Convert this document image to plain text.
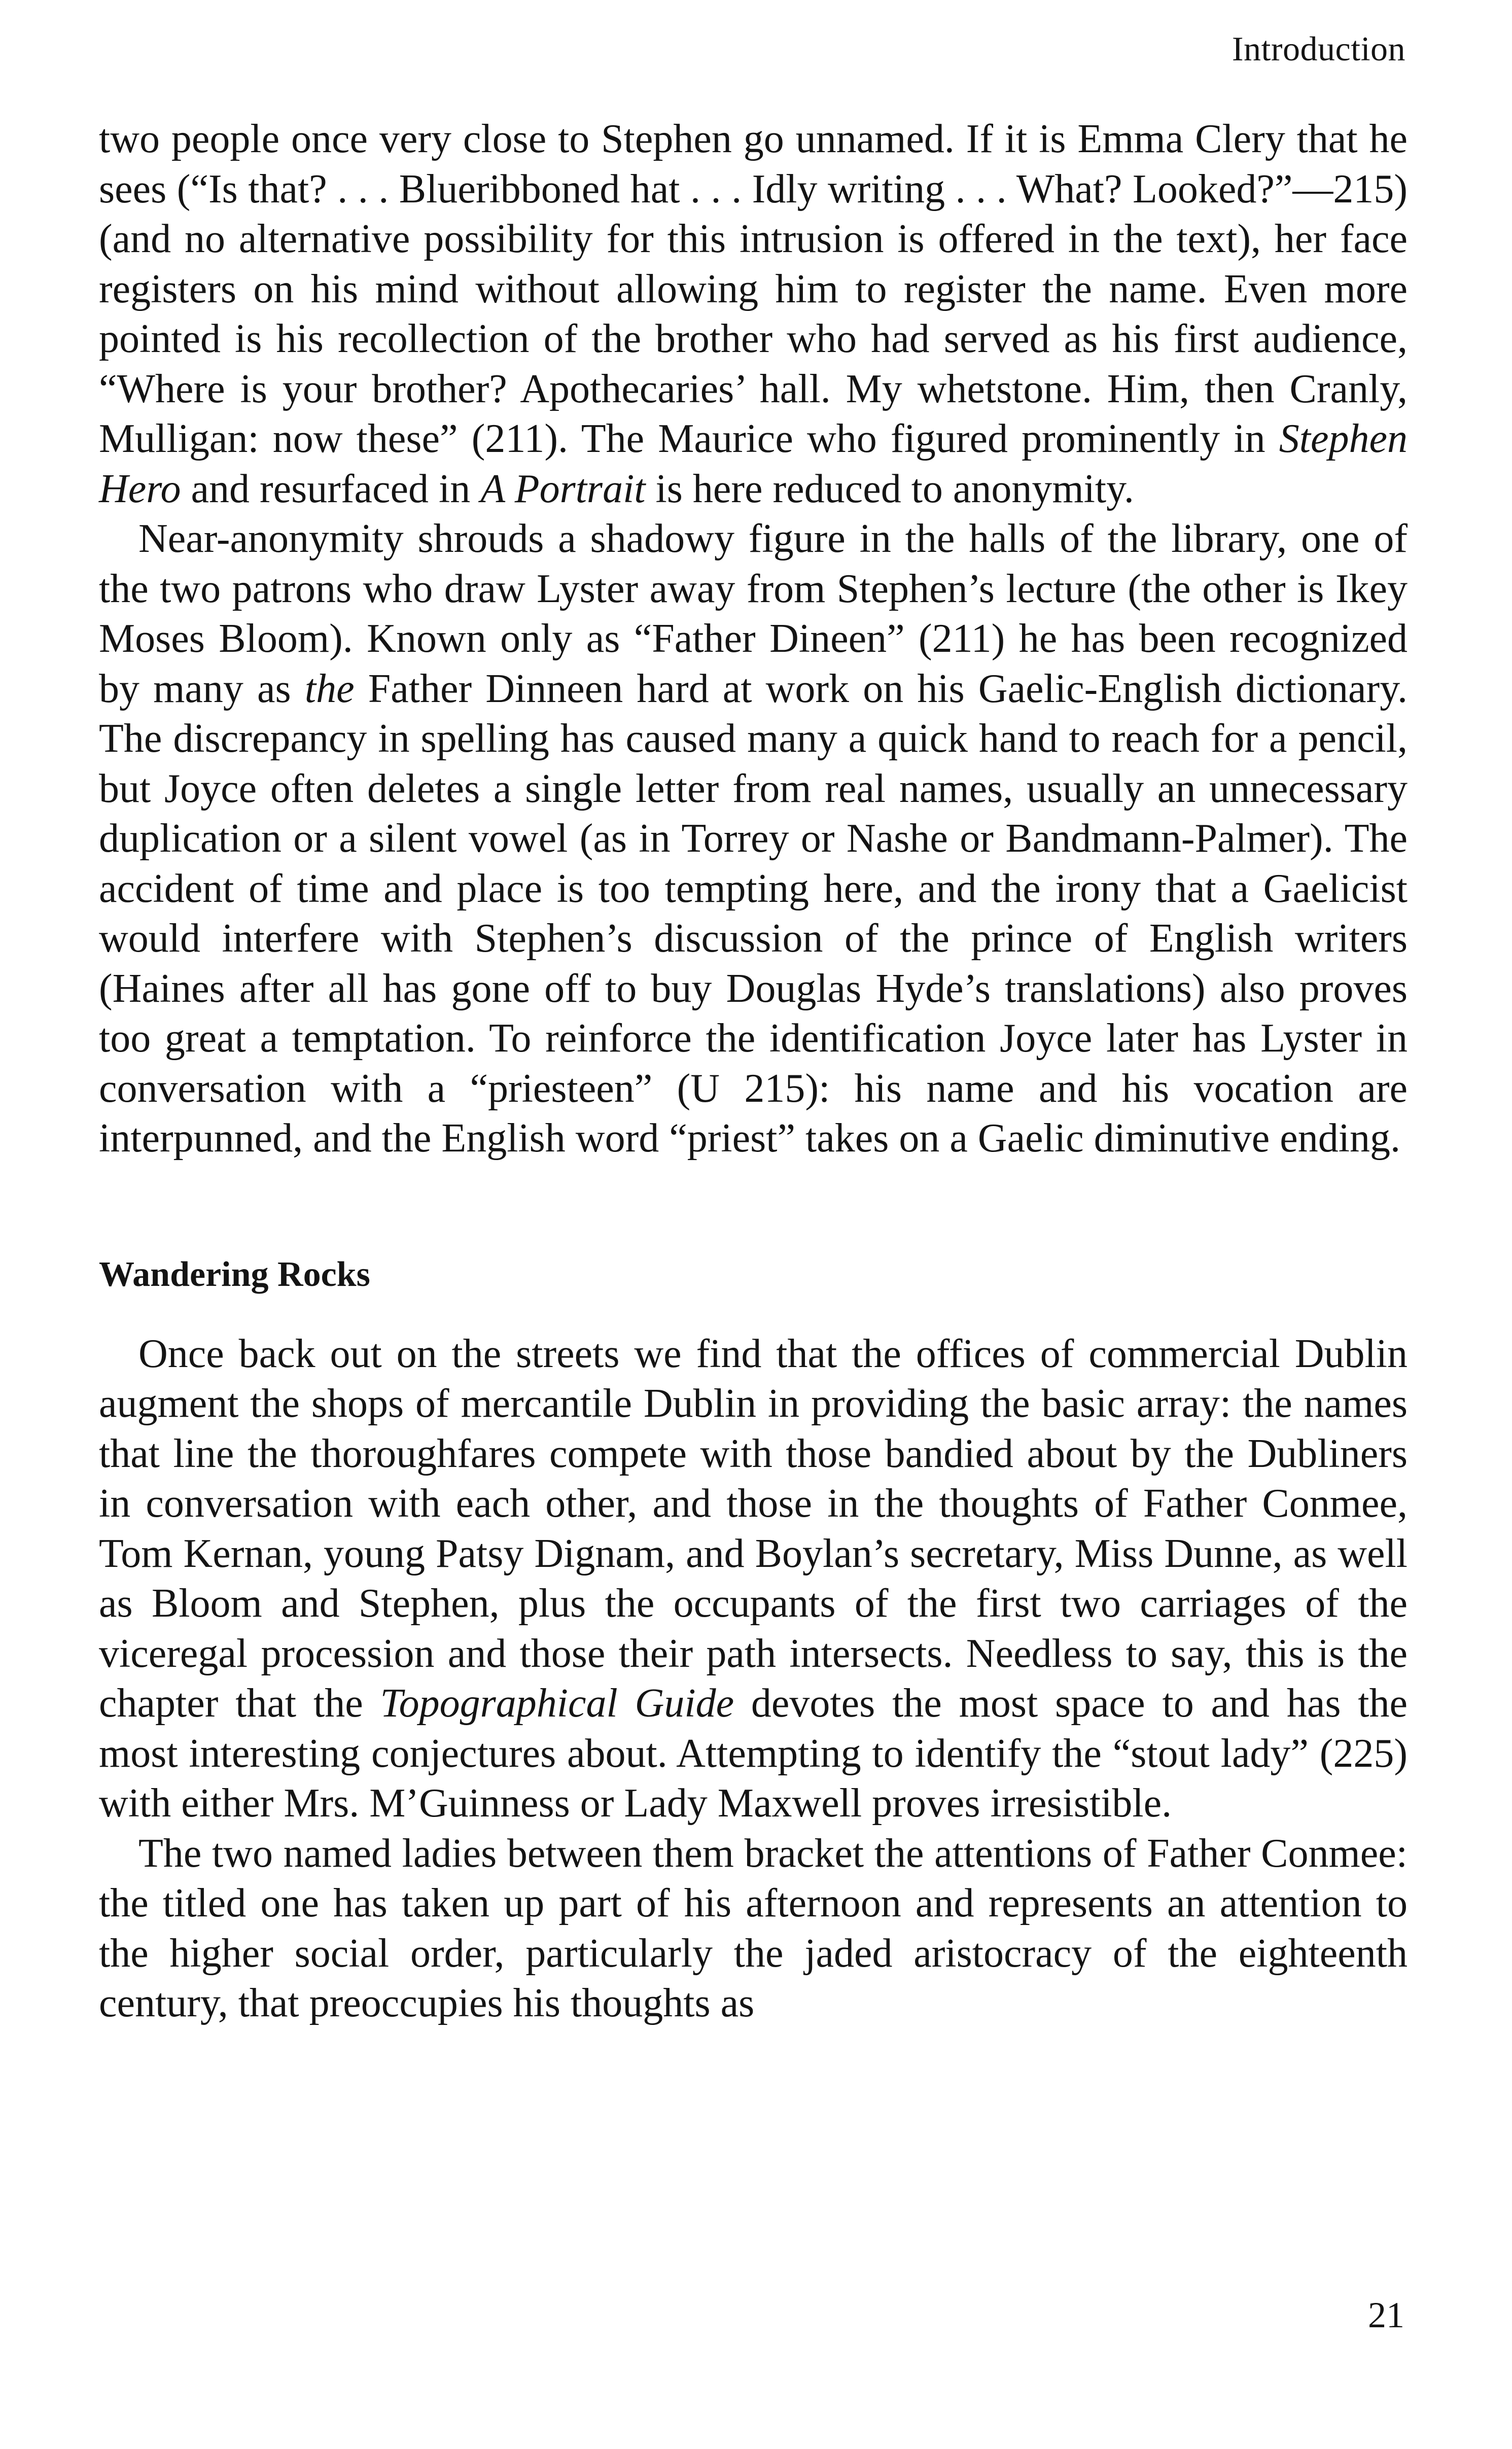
Introduction

two people once very close to Stephen go unnamed. If it is Emma Clery that he sees (“Is that? . . . Blueribboned hat . . . Idly writing . . . What? Looked?”—215) (and no alternative possibility for this intrusion is offered in the text), her face registers on his mind without allowing him to register the name. Even more pointed is his recollection of the brother who had served as his first audience, “Where is your brother? Apothecaries’ hall. My whetstone. Him, then Cranly, Mulligan: now these” (211). The Maurice who figured prominently in Stephen Hero and resurfaced in A Portrait is here reduced to anonymity.

Near-anonymity shrouds a shadowy figure in the halls of the library, one of the two patrons who draw Lyster away from Stephen’s lecture (the other is Ikey Moses Bloom). Known only as “Father Dineen” (211) he has been recognized by many as the Father Dinneen hard at work on his Gaelic-English dictionary. The discrepancy in spelling has caused many a quick hand to reach for a pencil, but Joyce often deletes a single letter from real names, usually an unnecessary duplication or a silent vowel (as in Torrey or Nashe or Bandmann-Palmer). The accident of time and place is too tempting here, and the irony that a Gaelicist would interfere with Stephen’s discussion of the prince of English writers (Haines after all has gone off to buy Douglas Hyde’s translations) also proves too great a temptation. To reinforce the identification Joyce later has Lyster in conversation with a “priesteen” (U 215): his name and his vocation are interpunned, and the English word “priest” takes on a Gaelic diminutive ending.

Wandering Rocks

Once back out on the streets we find that the offices of commercial Dublin augment the shops of mercantile Dublin in providing the basic array: the names that line the thoroughfares compete with those bandied about by the Dubliners in conversation with each other, and those in the thoughts of Father Conmee, Tom Kernan, young Patsy Dignam, and Boylan’s secretary, Miss Dunne, as well as Bloom and Stephen, plus the occupants of the first two carriages of the viceregal procession and those their path intersects. Needless to say, this is the chapter that the Topographical Guide devotes the most space to and has the most interesting conjectures about. Attempting to identify the “stout lady” (225) with either Mrs. M’Guinness or Lady Maxwell proves irresistible.

The two named ladies between them bracket the attentions of Father Conmee: the titled one has taken up part of his afternoon and represents an attention to the higher social order, particularly the jaded aristocracy of the eighteenth century, that preoccupies his thoughts as

21
